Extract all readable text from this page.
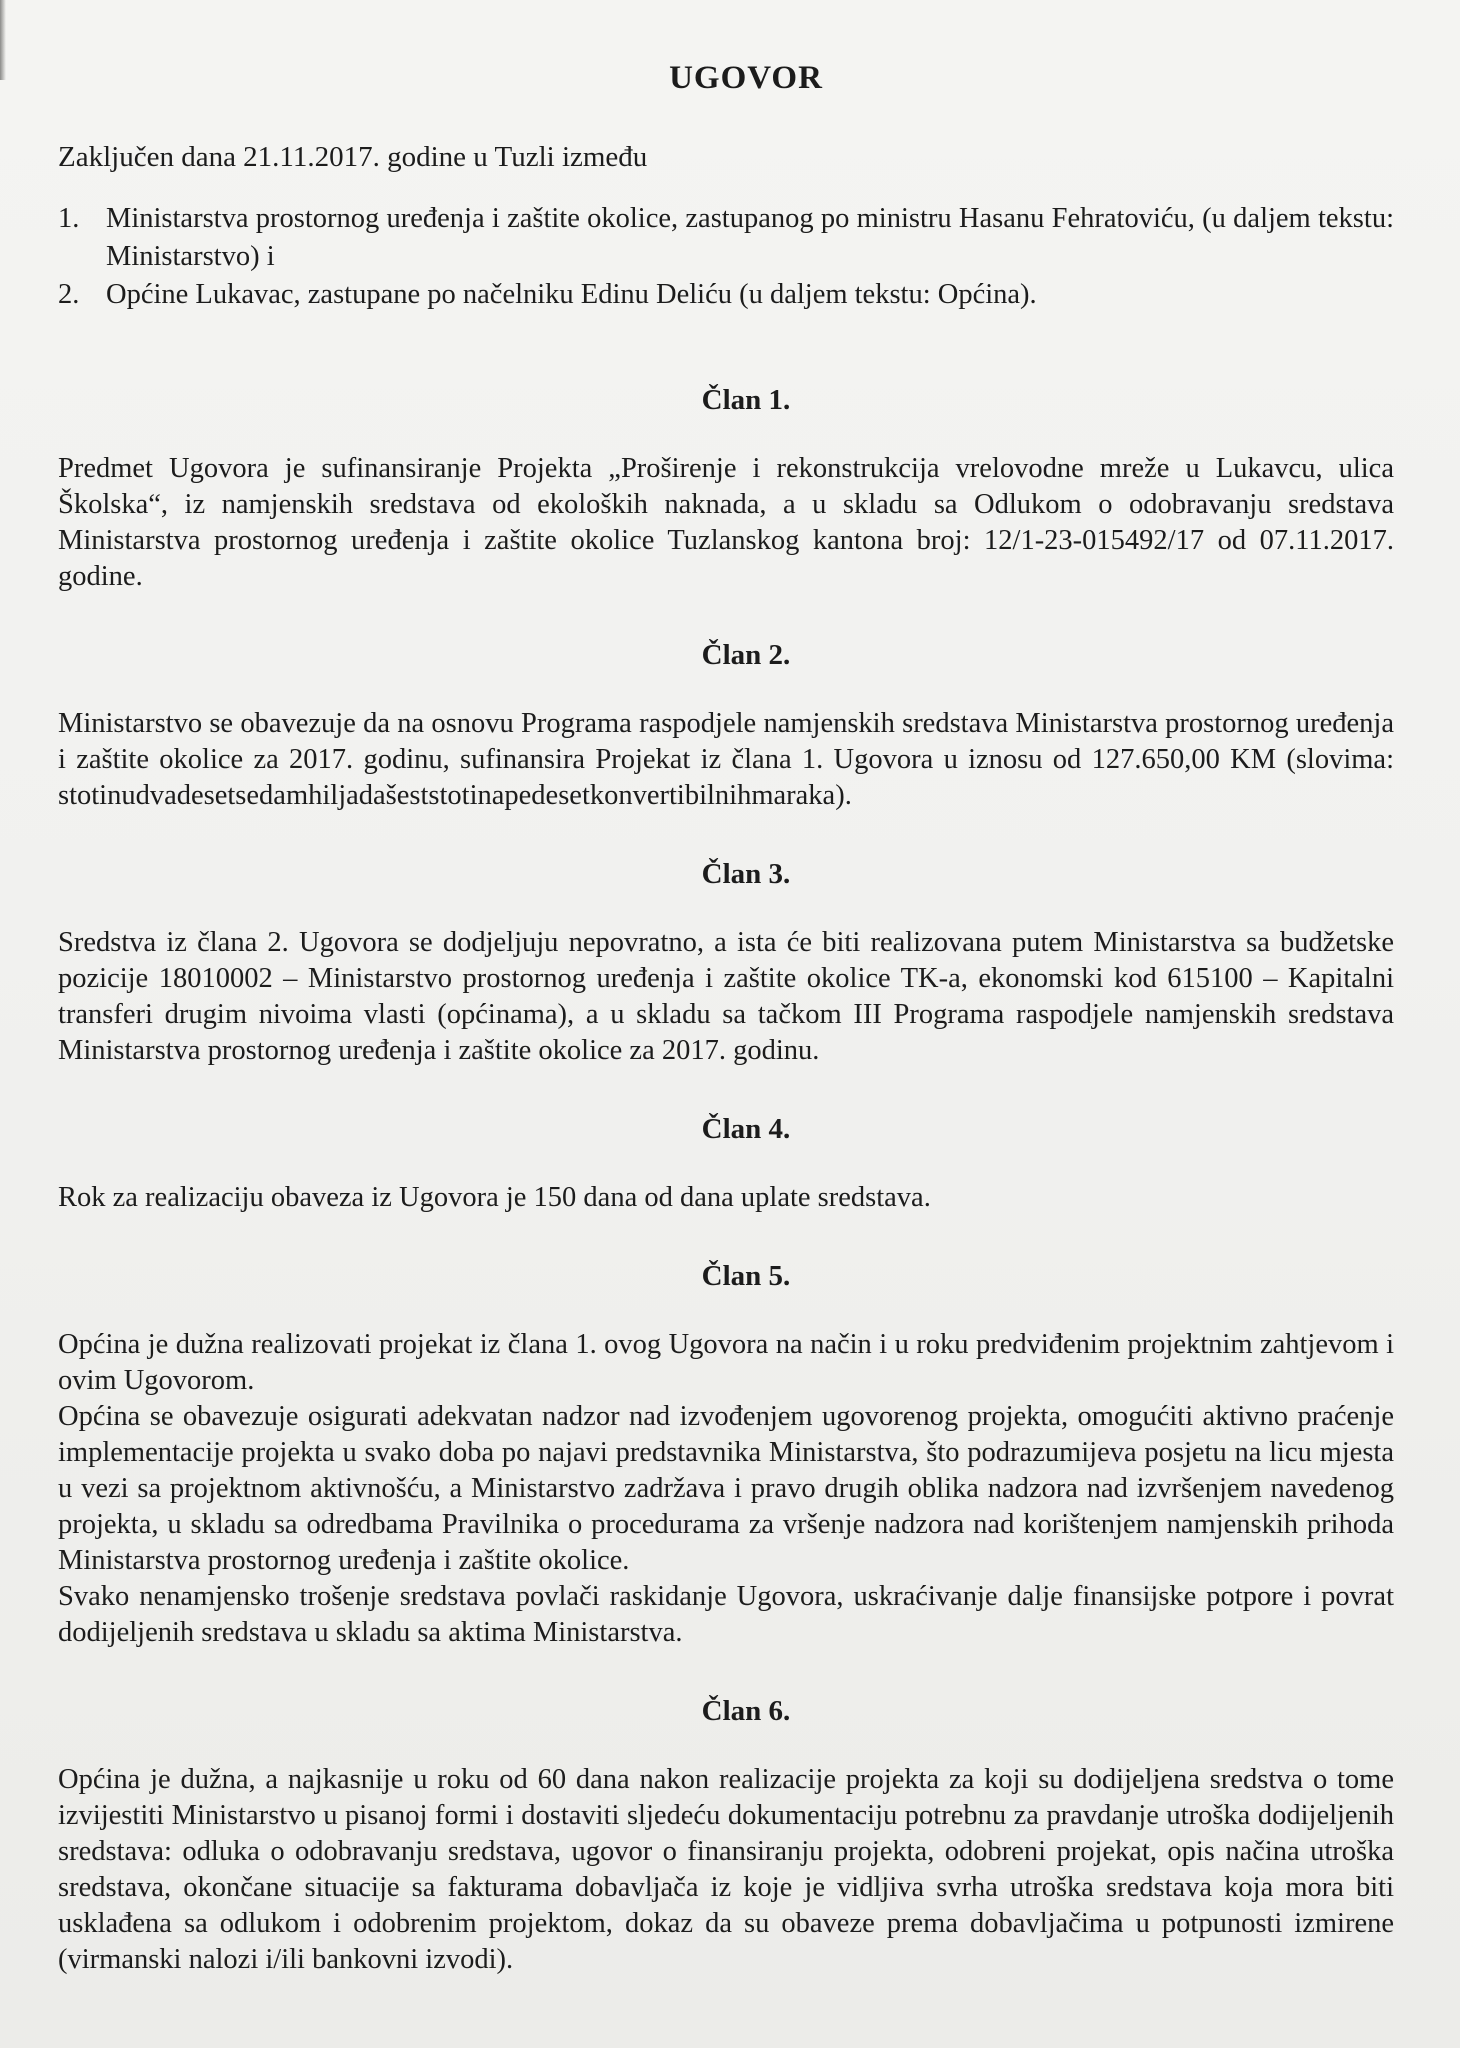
UGOVOR
Zaključen dana 21.11.2017. godine u Tuzli između
1. Ministarstva prostornog uređenja i zaštite okolice, zastupanog po ministru Hasanu Fehratoviću, (u daljem tekstu: Ministarstvo) i
2. Općine Lukavac, zastupane po načelniku Edinu Deliću (u daljem tekstu: Općina).
Član 1.

Predmet Ugovora je sufinansiranje Projekta „Proširenje i rekonstrukcija vrelovodne mreže u Lukavcu, ulica Školska“, iz namjenskih sredstava od ekoloških naknada, a u skladu sa Odlukom o odobravanju sredstava Ministarstva prostornog uređenja i zaštite okolice Tuzlanskog kantona broj: 12/1-23-015492/17 od 07.11.2017. godine.

Član 2.

Ministarstvo se obavezuje da na osnovu Programa raspodjele namjenskih sredstava Ministarstva prostornog uređenja i zaštite okolice za 2017. godinu, sufinansira Projekat iz člana 1. Ugovora u iznosu od 127.650,00 KM (slovima: stotinudvadesetsedamhiljadašeststotinapedesetkonvertibilnihmaraka).

Član 3.

Sredstva iz člana 2. Ugovora se dodjeljuju nepovratno, a ista će biti realizovana putem Ministarstva sa budžetske pozicije 18010002 – Ministarstvo prostornog uređenja i zaštite okolice TK-a, ekonomski kod 615100 – Kapitalni transferi drugim nivoima vlasti (općinama), a u skladu sa tačkom III Programa raspodjele namjenskih sredstava Ministarstva prostornog uređenja i zaštite okolice za 2017. godinu.

Član 4.

Rok za realizaciju obaveza iz Ugovora je 150 dana od dana uplate sredstava.

Član 5.

Općina je dužna realizovati projekat iz člana 1. ovog Ugovora na način i u roku predviđenim projektnim zahtjevom i ovim Ugovorom.

Općina se obavezuje osigurati adekvatan nadzor nad izvođenjem ugovorenog projekta, omogućiti aktivno praćenje implementacije projekta u svako doba po najavi predstavnika Ministarstva, što podrazumijeva posjetu na licu mjesta u vezi sa projektnom aktivnošću, a Ministarstvo zadržava i pravo drugih oblika nadzora nad izvršenjem navedenog projekta, u skladu sa odredbama Pravilnika o procedurama za vršenje nadzora nad korištenjem namjenskih prihoda Ministarstva prostornog uređenja i zaštite okolice.

Svako nenamjensko trošenje sredstava povlači raskidanje Ugovora, uskraćivanje dalje finansijske potpore i povrat dodijeljenih sredstava u skladu sa aktima Ministarstva.

Član 6.

Općina je dužna, a najkasnije u roku od 60 dana nakon realizacije projekta za koji su dodijeljena sredstva o tome izvijestiti Ministarstvo u pisanoj formi i dostaviti sljedeću dokumentaciju potrebnu za pravdanje utroška dodijeljenih sredstava: odluka o odobravanju sredstava, ugovor o finansiranju projekta, odobreni projekat, opis načina utroška sredstava, okončane situacije sa fakturama dobavljača iz koje je vidljiva svrha utroška sredstava koja mora biti usklađena sa odlukom i odobrenim projektom, dokaz da su obaveze prema dobavljačima u potpunosti izmirene (virmanski nalozi i/ili bankovni izvodi).
